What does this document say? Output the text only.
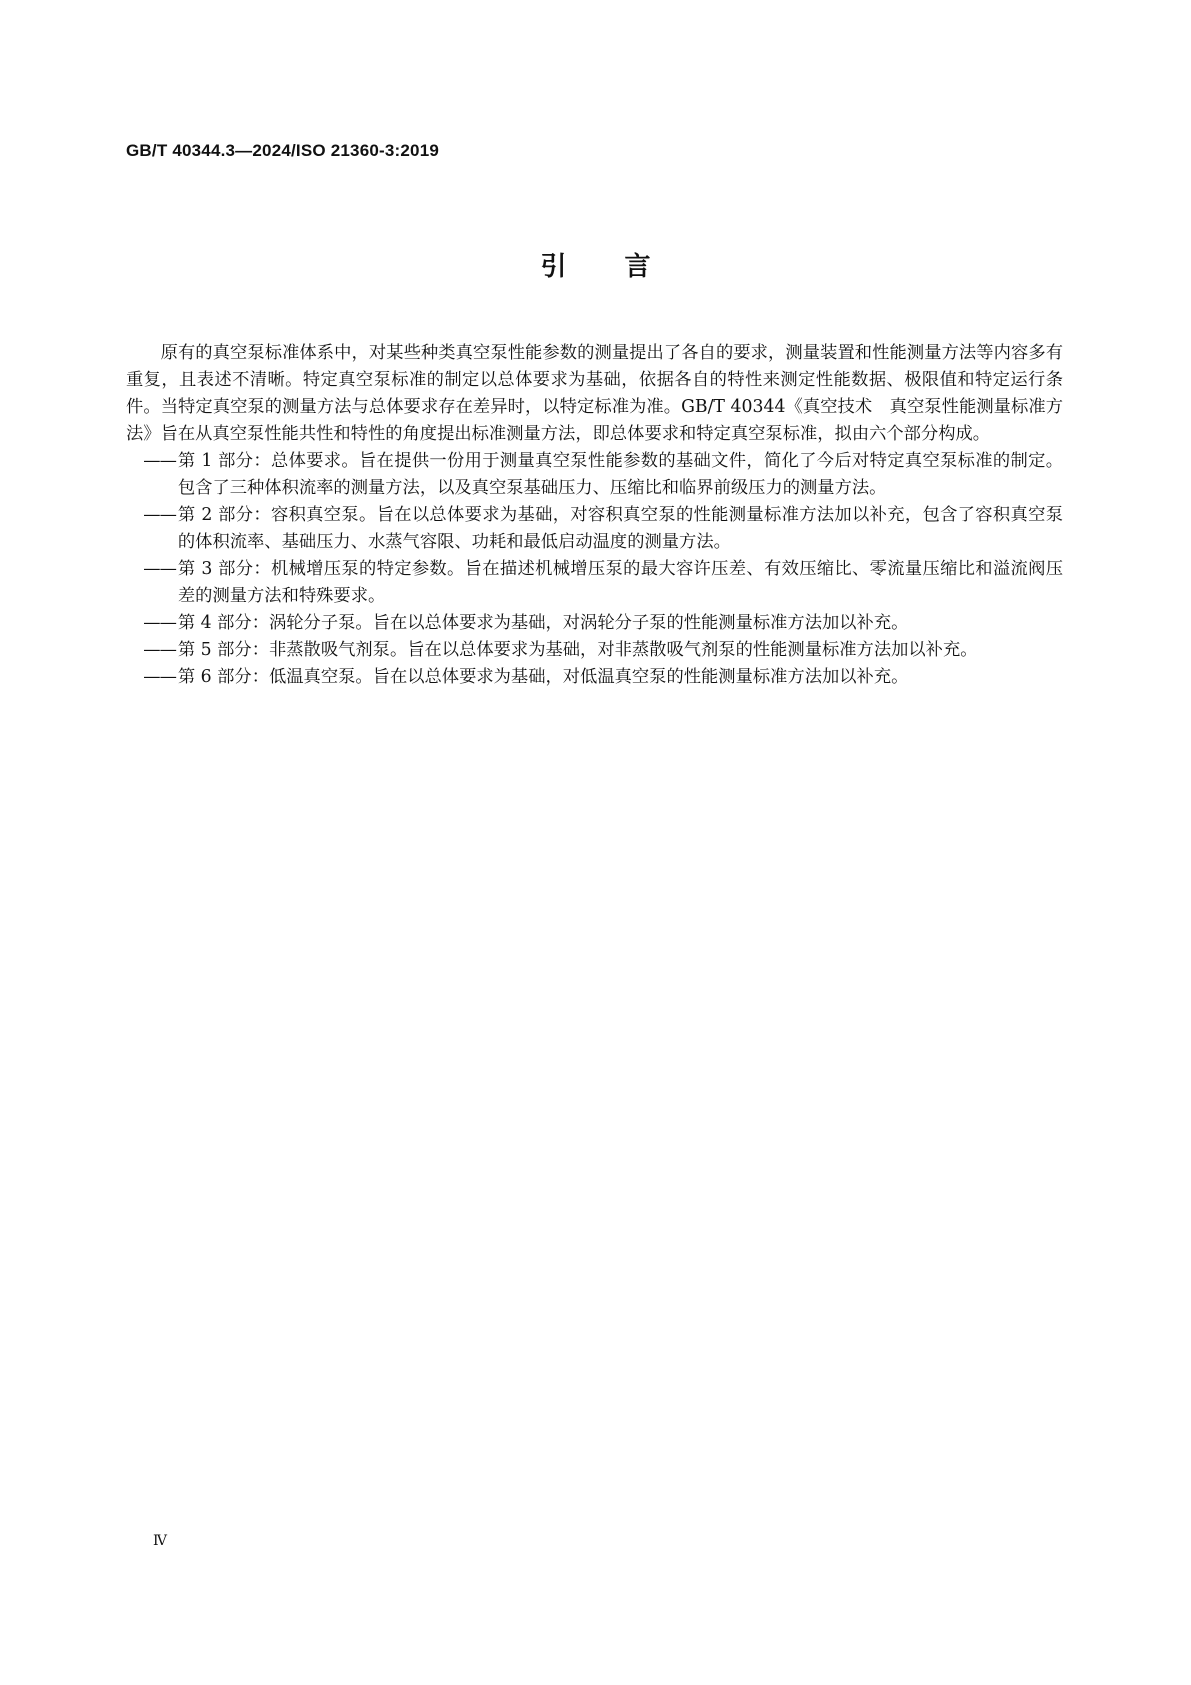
GB/T 40344.3—2024/ISO 21360-3:2019
引言

原有的真空泵标准体系中，对某些种类真空泵性能参数的测量提出了各自的要求，测量装置和性能测量方法等内容多有重复，且表述不清晰。特定真空泵标准的制定以总体要求为基础，依据各自的特性来测定性能数据、极限值和特定运行条件。当特定真空泵的测量方法与总体要求存在差异时，以特定标准为准。GB/T 40344《真空技术　真空泵性能测量标准方法》旨在从真空泵性能共性和特性的角度提出标准测量方法，即总体要求和特定真空泵标准，拟由六个部分构成。

—— 第 1 部分：总体要求。旨在提供一份用于测量真空泵性能参数的基础文件，简化了今后对特定真空泵标准的制定。包含了三种体积流率的测量方法，以及真空泵基础压力、压缩比和临界前级压力的测量方法。
—— 第 2 部分：容积真空泵。旨在以总体要求为基础，对容积真空泵的性能测量标准方法加以补充，包含了容积真空泵的体积流率、基础压力、水蒸气容限、功耗和最低启动温度的测量方法。
—— 第 3 部分：机械增压泵的特定参数。旨在描述机械增压泵的最大容许压差、有效压缩比、零流量压缩比和溢流阀压差的测量方法和特殊要求。
—— 第 4 部分：涡轮分子泵。旨在以总体要求为基础，对涡轮分子泵的性能测量标准方法加以补充。
—— 第 5 部分：非蒸散吸气剂泵。旨在以总体要求为基础，对非蒸散吸气剂泵的性能测量标准方法加以补充。
—— 第 6 部分：低温真空泵。旨在以总体要求为基础，对低温真空泵的性能测量标准方法加以补充。
Ⅳ
